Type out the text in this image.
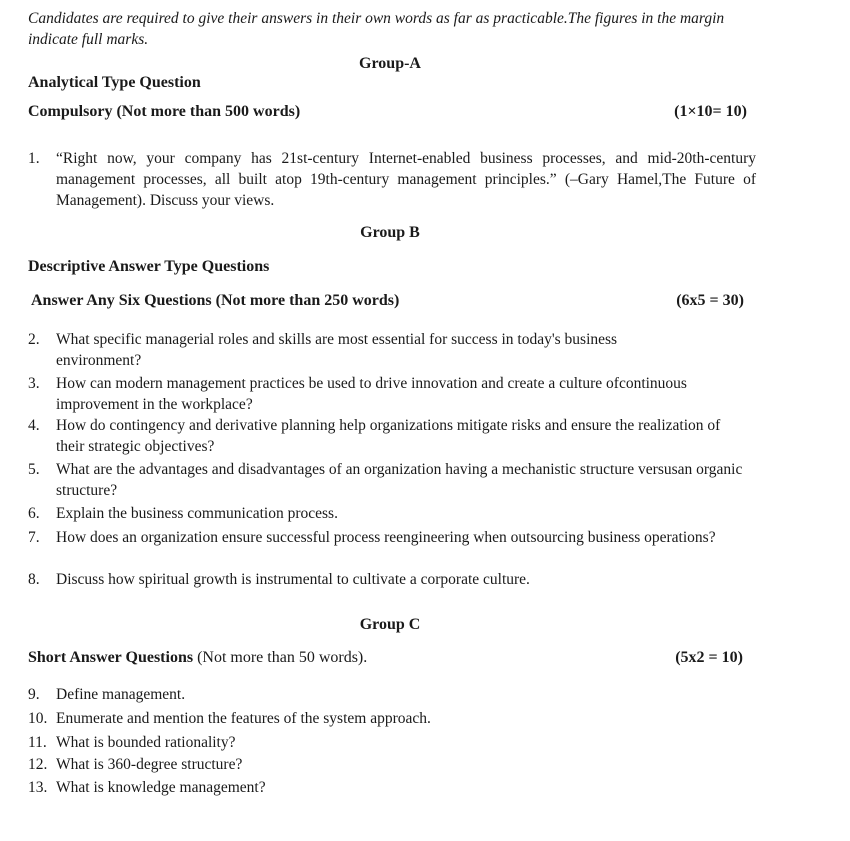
Candidates are required to give their answers in their own words as far as practicable.The figures in the margin indicate full marks.
Group-A
Analytical Type Question
Compulsory (Not more than 500 words)	(1×10= 10)
1. “Right now, your company has 21st-century Internet-enabled business processes, and mid-20th-century management processes, all built atop 19th-century management principles.” (–Gary Hamel,The Future of Management). Discuss your views.
Group B
Descriptive Answer Type Questions
Answer Any Six Questions (Not more than 250 words)	(6x5 = 30)
2. What specific managerial roles and skills are most essential for success in today's business environment?
3. How can modern management practices be used to drive innovation and create a culture ofcontinuous improvement in the workplace?
4. How do contingency and derivative planning help organizations mitigate risks and ensure the realization of their strategic objectives?
5. What are the advantages and disadvantages of an organization having a mechanistic structure versusan organic structure?
6. Explain the business communication process.
7. How does an organization ensure successful process reengineering when outsourcing business operations?
8. Discuss how spiritual growth is instrumental to cultivate a corporate culture.
Group C
Short Answer Questions (Not more than 50 words).	(5x2 = 10)
9. Define management.
10. Enumerate and mention the features of the system approach.
11. What is bounded rationality?
12. What is 360-degree structure?
13. What is knowledge management?
